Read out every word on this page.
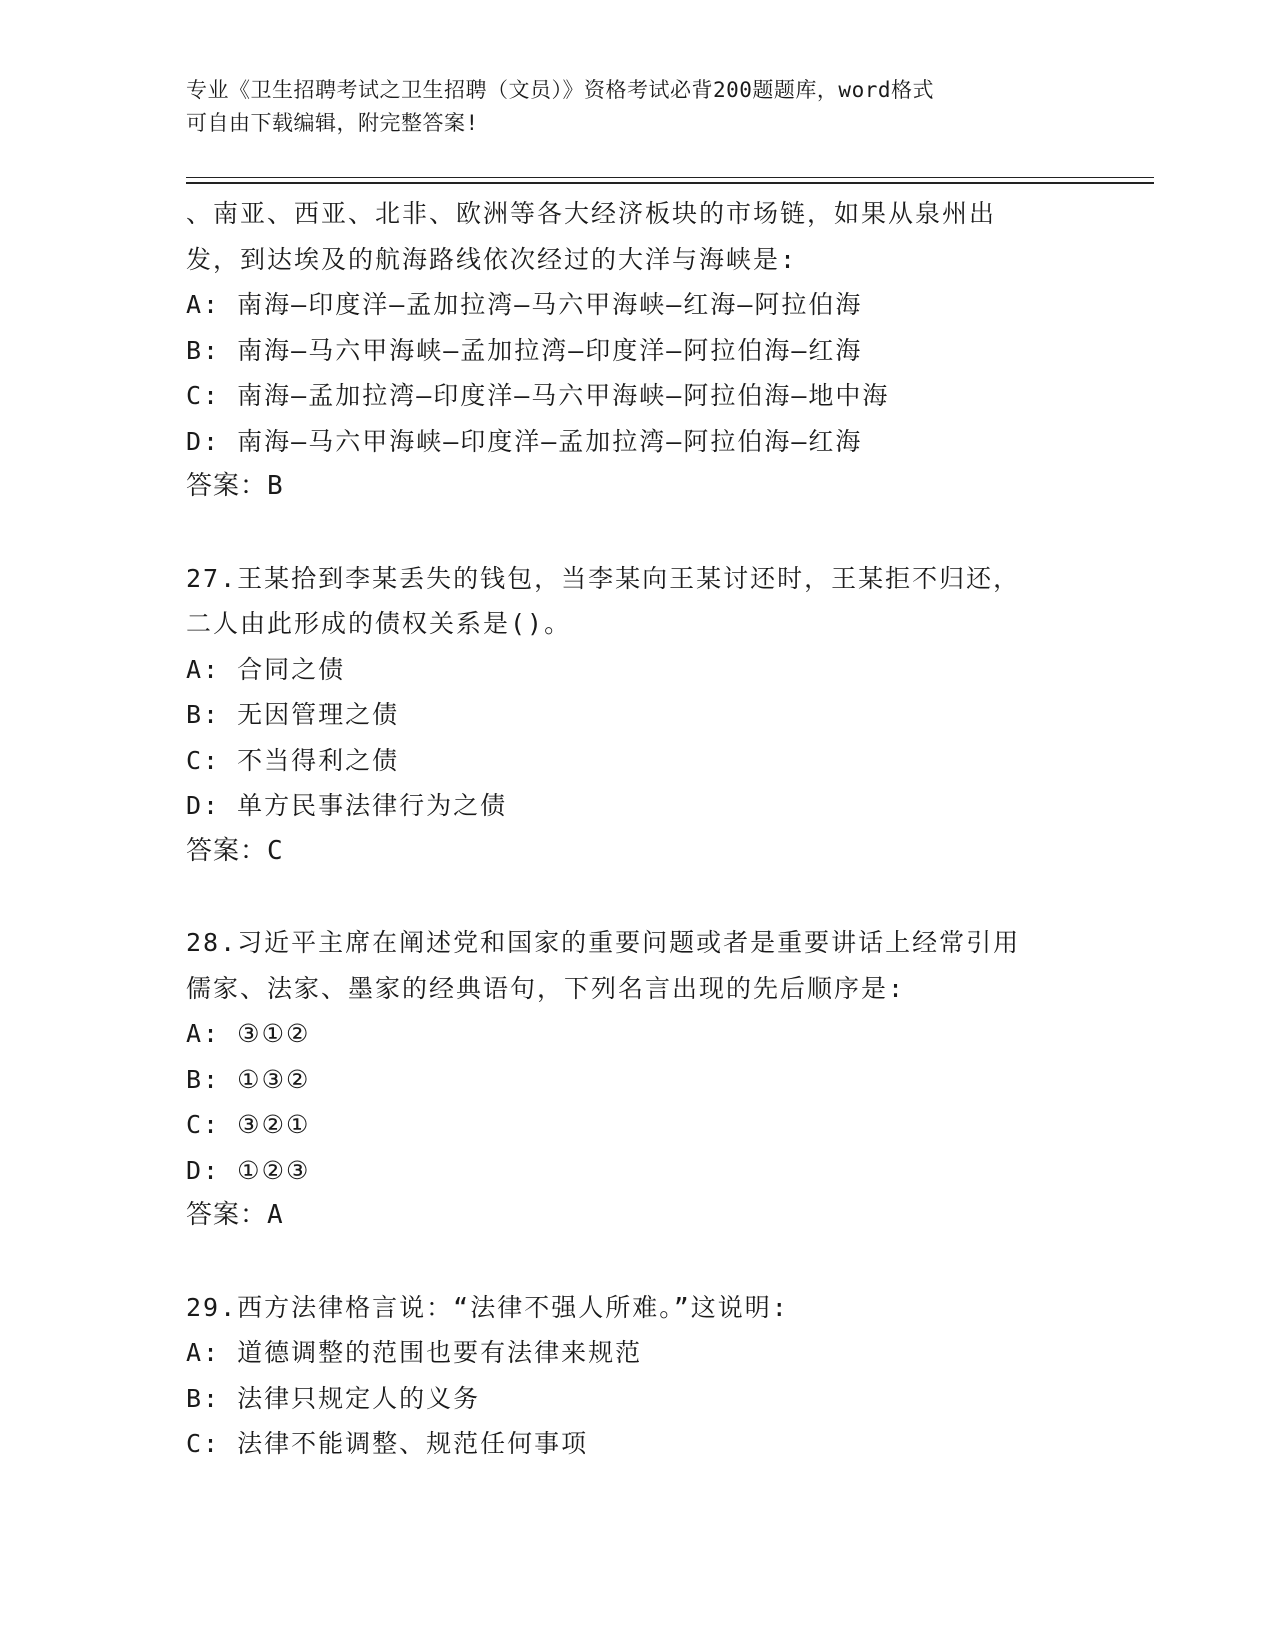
专业《卫生招聘考试之卫生招聘（文员）》资格考试必背200题题库，word格式
可自由下载编辑，附完整答案!
、南亚、西亚、北非、欧洲等各大经济板块的市场链，如果从泉州出
发，到达埃及的航海路线依次经过的大洋与海峡是:
A: 南海—印度洋—孟加拉湾—马六甲海峡—红海—阿拉伯海
B: 南海—马六甲海峡—孟加拉湾—印度洋—阿拉伯海—红海
C: 南海—孟加拉湾—印度洋—马六甲海峡—阿拉伯海—地中海
D: 南海—马六甲海峡—印度洋—孟加拉湾—阿拉伯海—红海
答案：B
27.王某拾到李某丢失的钱包，当李某向王某讨还时，王某拒不归还，
二人由此形成的债权关系是()。
A: 合同之债
B: 无因管理之债
C: 不当得利之债
D: 单方民事法律行为之债
答案：C
28.习近平主席在阐述党和国家的重要问题或者是重要讲话上经常引用
儒家、法家、墨家的经典语句，下列名言出现的先后顺序是:
A: ③①②
B: ①③②
C: ③②①
D: ①②③
答案：A
29.西方法律格言说：“法律不强人所难。”这说明:
A: 道德调整的范围也要有法律来规范
B: 法律只规定人的义务
C: 法律不能调整、规范任何事项
